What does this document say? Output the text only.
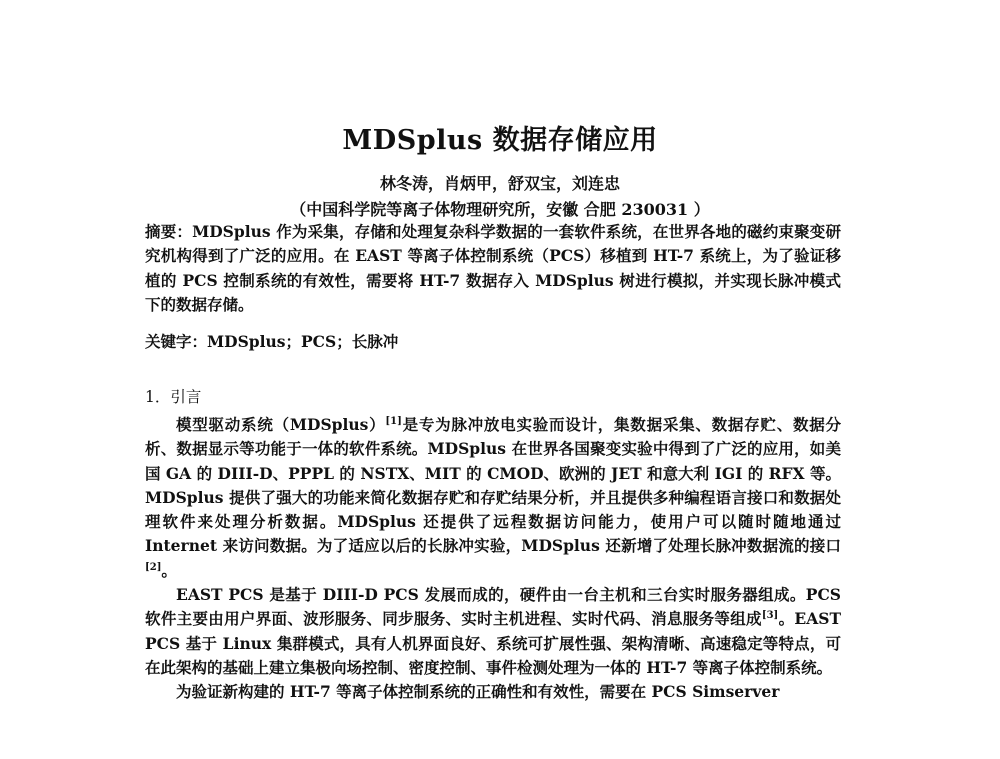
MDSplus 数据存储应用
林冬涛，肖炳甲，舒双宝，刘连忠
（中国科学院等离子体物理研究所，安徽 合肥 230031 ）
摘要：MDSplus 作为采集，存储和处理复杂科学数据的一套软件系统，在世界各地的磁约束聚变研究机构得到了广泛的应用。在 EAST 等离子体控制系统（PCS）移植到 HT-7 系统上，为了验证移植的 PCS 控制系统的有效性，需要将 HT-7 数据存入 MDSplus 树进行模拟，并实现长脉冲模式下的数据存储。
关键字：MDSplus；PCS；长脉冲
1．引言

模型驱动系统（MDSplus）[1]是专为脉冲放电实验而设计，集数据采集、数据存贮、数据分析、数据显示等功能于一体的软件系统。MDSplus 在世界各国聚变实验中得到了广泛的应用，如美国 GA 的 DIII-D、PPPL 的 NSTX、MIT 的 CMOD、欧洲的 JET 和意大利 IGI 的 RFX 等。MDSplus 提供了强大的功能来简化数据存贮和存贮结果分析，并且提供多种编程语言接口和数据处理软件来处理分析数据。MDSplus 还提供了远程数据访问能力，使用户可以随时随地通过 Internet 来访问数据。为了适应以后的长脉冲实验，MDSplus 还新增了处理长脉冲数据流的接口[2]。

EAST PCS 是基于 DIII-D PCS 发展而成的，硬件由一台主机和三台实时服务器组成。PCS 软件主要由用户界面、波形服务、同步服务、实时主机进程、实时代码、消息服务等组成[3]。EAST PCS 基于 Linux 集群模式，具有人机界面良好、系统可扩展性强、架构清晰、高速稳定等特点，可在此架构的基础上建立集极向场控制、密度控制、事件检测处理为一体的 HT-7 等离子体控制系统。

为验证新构建的 HT-7 等离子体控制系统的正确性和有效性，需要在 PCS Simserver
